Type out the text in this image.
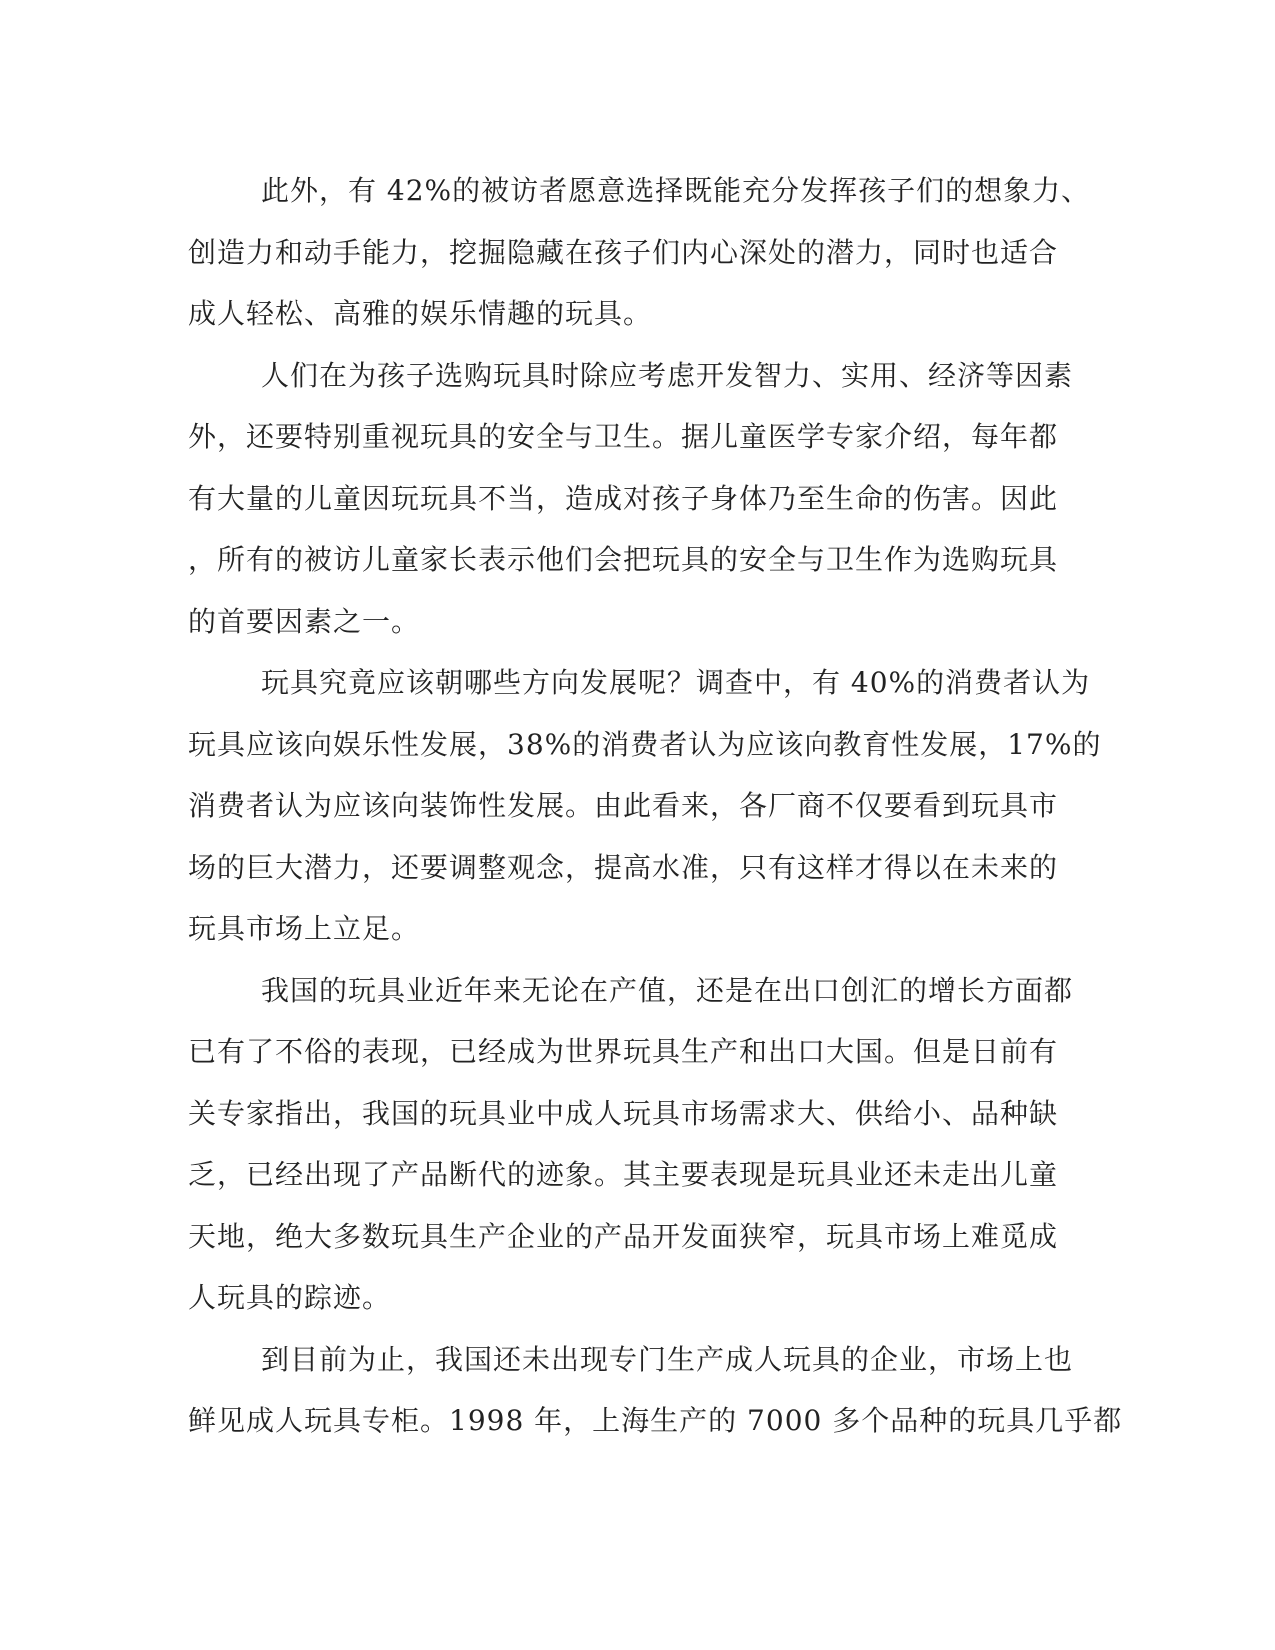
此外，有 42%的被访者愿意选择既能充分发挥孩子们的想象力、
创造力和动手能力，挖掘隐藏在孩子们内心深处的潜力，同时也适合
成人轻松、高雅的娱乐情趣的玩具。
人们在为孩子选购玩具时除应考虑开发智力、实用、经济等因素
外，还要特别重视玩具的安全与卫生。据儿童医学专家介绍，每年都
有大量的儿童因玩玩具不当，造成对孩子身体乃至生命的伤害。因此
，所有的被访儿童家长表示他们会把玩具的安全与卫生作为选购玩具
的首要因素之一。
玩具究竟应该朝哪些方向发展呢？调查中，有 40%的消费者认为
玩具应该向娱乐性发展，38%的消费者认为应该向教育性发展，17%的
消费者认为应该向装饰性发展。由此看来，各厂商不仅要看到玩具市
场的巨大潜力，还要调整观念，提高水准，只有这样才得以在未来的
玩具市场上立足。
我国的玩具业近年来无论在产值，还是在出口创汇的增长方面都
已有了不俗的表现，已经成为世界玩具生产和出口大国。但是日前有
关专家指出，我国的玩具业中成人玩具市场需求大、供给小、品种缺
乏，已经出现了产品断代的迹象。其主要表现是玩具业还未走出儿童
天地，绝大多数玩具生产企业的产品开发面狭窄，玩具市场上难觅成
人玩具的踪迹。
到目前为止，我国还未出现专门生产成人玩具的企业，市场上也
鲜见成人玩具专柜。1998 年，上海生产的 7000 多个品种的玩具几乎都
